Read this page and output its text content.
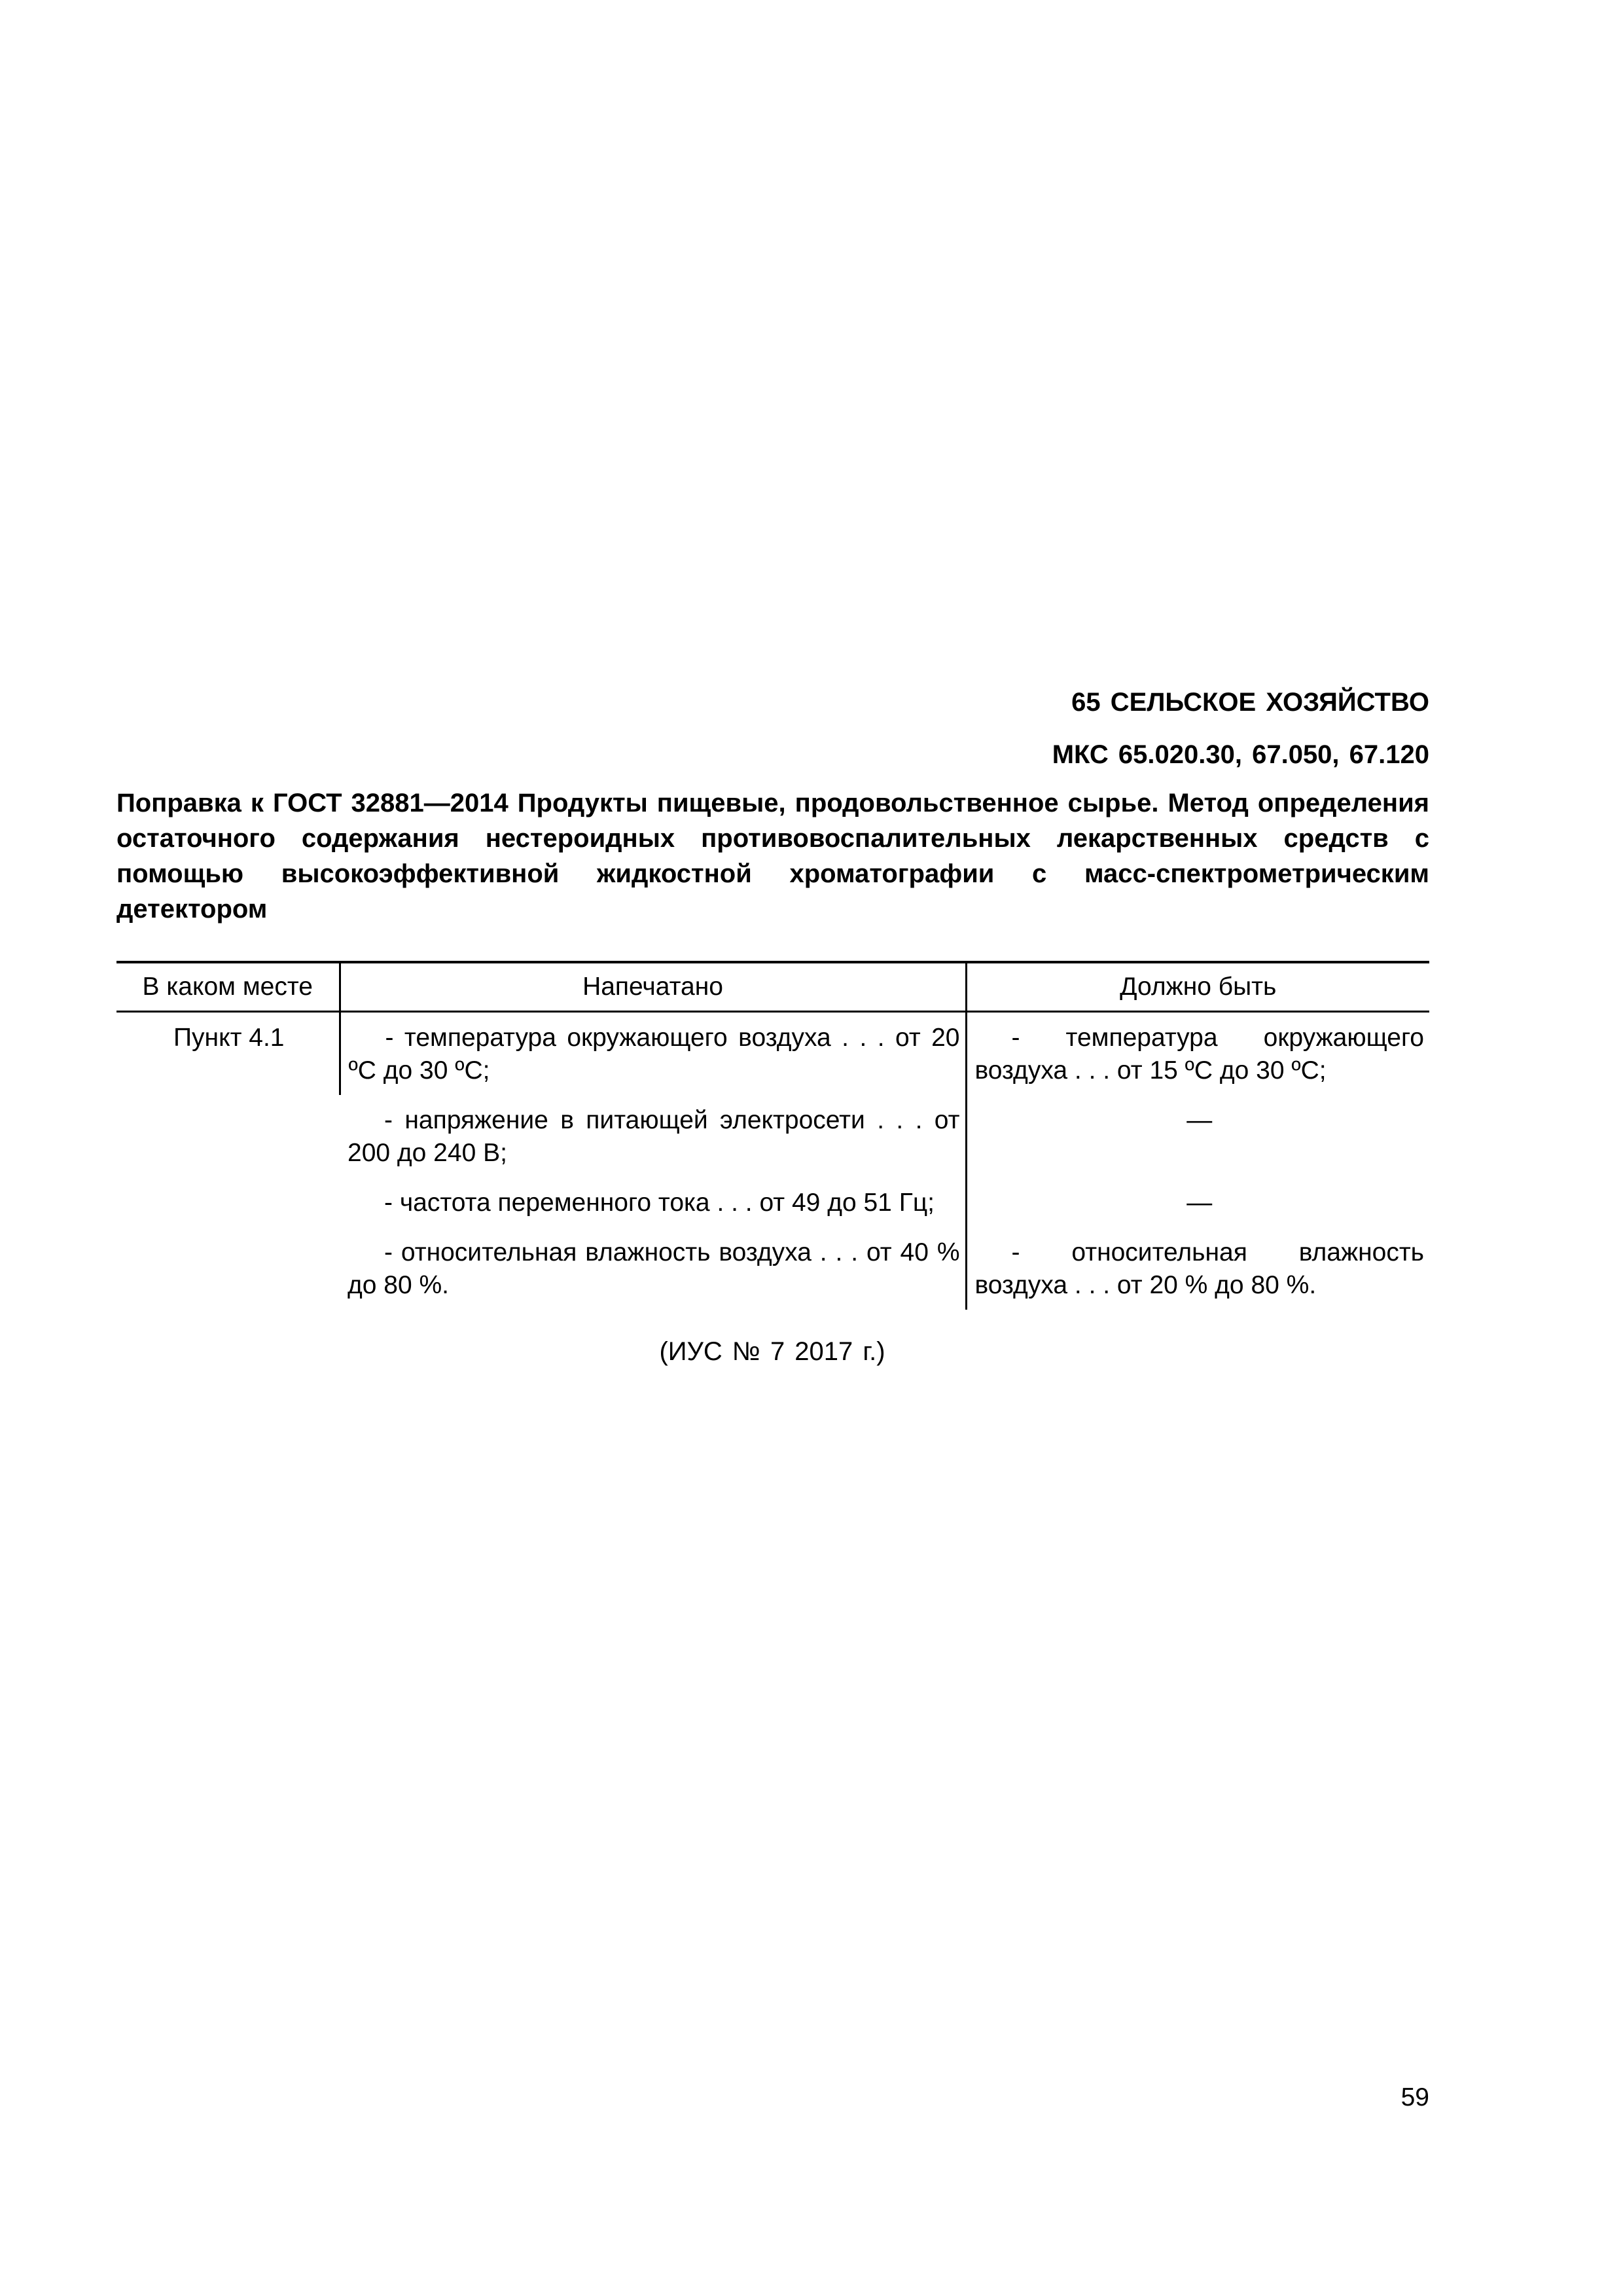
65 СЕЛЬСКОЕ ХОЗЯЙСТВО
МКС 65.020.30, 67.050, 67.120
Поправка к ГОСТ 32881—2014 Продукты пищевые, продовольственное сырье. Метод определения остаточного содержания нестероидных противовоспалительных лекарственных средств с помощью высокоэффективной жидкостной хроматографии с масс-спектрометрическим детектором
В каком месте	Напечатано	Должно быть
Пункт 4.1	- температура окружающего воздуха . . . от 20 ºС до 30 ºС;	- температура окружающего воздуха . . . от 15 ºС до 30 ºС;
	- напряжение в питающей электросети . . . от 200 до 240 В;	—
	- частота переменного тока . . . от 49 до 51 Гц;	—
	- относительная влажность воздуха . . . от 40 % до 80 %.	- относительная влажность воздуха . . . от 20 % до 80 %.
(ИУС № 7 2017 г.)
59
